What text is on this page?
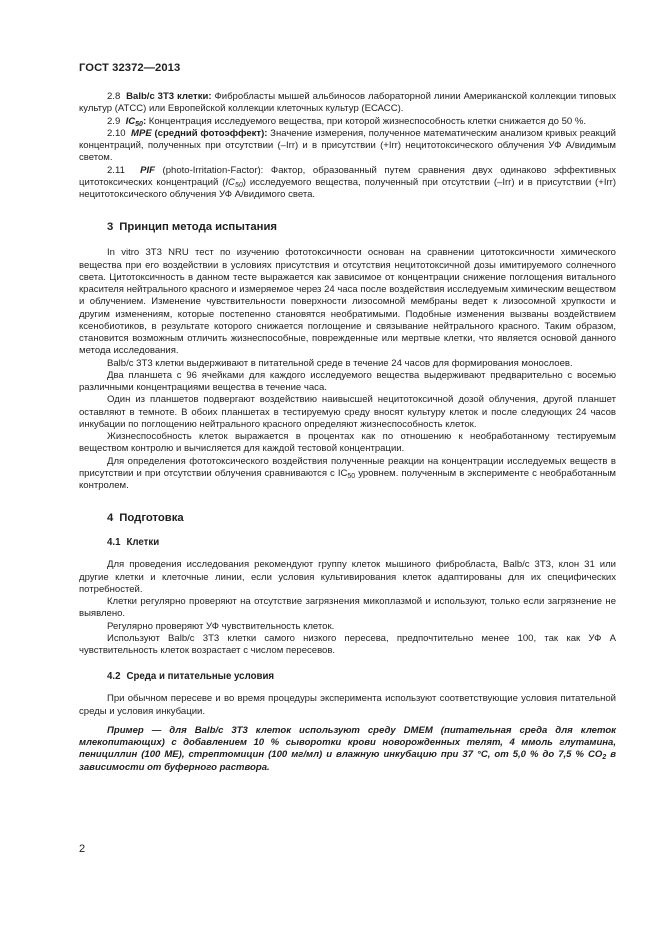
ГОСТ 32372—2013

2.8 Balb/c 3T3 клетки: Фибробласты мышей альбиносов лабораторной линии Американской коллекции типовых культур (АТСС) или Европейской коллекции клеточных культур (ЕСАСС).

2.9 $IC_{50}$: Концентрация исследуемого вещества, при которой жизнеспособность клетки снижается до 50 %.

2.10 MPE (средний фотоэффект): Значение измерения, полученное математическим анализом кривых реакций концентраций, полученных при отсутствии (–Irr) и в присутствии (+Irr) нецитотоксического облучения УФ А/видимым светом.

2.11 PIF (photo-Irritation-Factor): Фактор, образованный путем сравнения двух одинаково эффективных цитотоксических концентраций $(IC_{50})$ исследуемого вещества, полученный при отсутствии (–Irr) и в присутствии (+Irr) нецитотоксического облучения УФ А/видимого света.

3 Принцип метода испытания

In vitro 3T3 NRU тест по изучению фототоксичности основан на сравнении цитотоксичности химического вещества при его воздействии в условиях присутствия и отсутствия нецитотоксичной дозы имитируемого солнечного света. Цитотоксичность в данном тесте выражается как зависимое от концентрации снижение поглощения витального красителя нейтрального красного и измеряемое через 24 часа после воздействия исследуемым химическим веществом и облучением. Изменение чувствительности поверхности лизосомной мембраны ведет к лизосомной хрупкости и другим изменениям, которые постепенно становятся необратимыми. Подобные изменения вызваны воздействием ксенобиотиков, в результате которого снижается поглощение и связывание нейтрального красного. Таким образом, становится возможным отличить жизнеспособные, поврежденные или мертвые клетки, что является основой данного метода исследования.

Balb/c 3T3 клетки выдерживают в питательной среде в течение 24 часов для формирования монослоев.

Два планшета с 96 ячейками для каждого исследуемого вещества выдерживают предварительно с восемью различными концентрациями вещества в течение часа.

Один из планшетов подвергают воздействию наивысшей нецитотоксичной дозой облучения, другой планшет оставляют в темноте. В обоих планшетах в тестируемую среду вносят культуру клеток и после следующих 24 часов инкубации по поглощению нейтрального красного определяют жизнеспособность клеток.

Жизнеспособность клеток выражается в процентах как по отношению к необработанному тестируемым веществом контролю и вычисляется для каждой тестовой концентрации.

Для определения фототоксического воздействия полученные реакции на концентрации исследуемых веществ в присутствии и при отсутствии облучения сравниваются с $IC_{50}$ уровнем. полученным в эксперименте с необработанным контролем.

4 Подготовка
4.1 Клетки

Для проведения исследования рекомендуют группу клеток мышиного фибробласта, Balb/c 3T3, клон 31 или другие клетки и клеточные линии, если условия культивирования клеток адаптированы для их специфических потребностей.

Клетки регулярно проверяют на отсутствие загрязнения микоплазмой и используют, только если загрязнение не выявлено.

Регулярно проверяют УФ чувствительность клеток.

Используют Balb/c 3T3 клетки самого низкого пересева, предпочтительно менее 100, так как УФ А чувствительность клеток возрастает с числом пересевов.

4.2 Среда и питательные условия

При обычном пересеве и во время процедуры эксперимента используют соответствующие условия питательной среды и условия инкубации.

Пример — для Balb/c 3T3 клеток используют среду DMEM (питательная среда для клеток млекопитающих) с добавлением 10 % сыворотки крови новорожденных телят, 4 ммоль глутамина, пенициллин (100 МЕ), стрептомицин (100 мг/мл) и влажную инкубацию при 37 °С, от 5,0 % до 7,5 % $CO_2$ в зависимости от буферного раствора.

2
